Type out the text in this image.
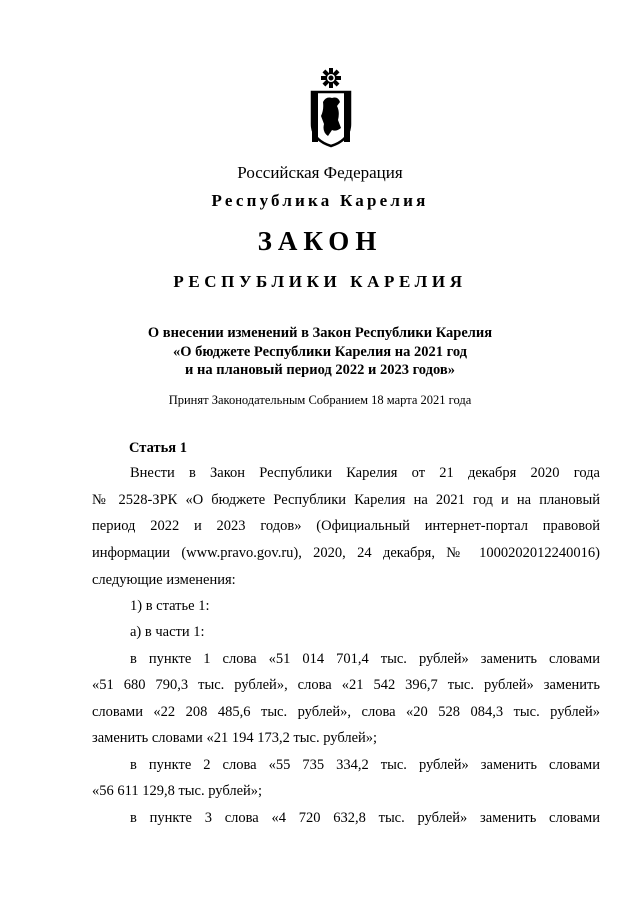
Российская Федерация
Республика Карелия
ЗАКОН
РЕСПУБЛИКИ КАРЕЛИЯ
О внесении изменений в Закон Республики Карелия
«О бюджете Республики Карелия на 2021 год
и на плановый период 2022 и 2023 годов»
Принят Законодательным Собранием 18 марта 2021 года
Статья 1
Внести в Закон Республики Карелия от 21 декабря 2020 года
№ 2528-ЗРК «О бюджете Республики Карелия на 2021 год и на плановый
период 2022 и 2023 годов» (Официальный интернет-портал правовой
информации (www.pravo.gov.ru), 2020, 24 декабря, № 1000202012240016)
следующие изменения:
1) в статье 1:
а) в части 1:
в пункте 1 слова «51 014 701,4 тыс. рублей» заменить словами
«51 680 790,3 тыс. рублей», слова «21 542 396,7 тыс. рублей» заменить
словами «22 208 485,6 тыс. рублей», слова «20 528 084,3 тыс. рублей»
заменить словами «21 194 173,2 тыс. рублей»;
в пункте 2 слова «55 735 334,2 тыс. рублей» заменить словами
«56 611 129,8 тыс. рублей»;
в пункте 3 слова «4 720 632,8 тыс. рублей» заменить словами
